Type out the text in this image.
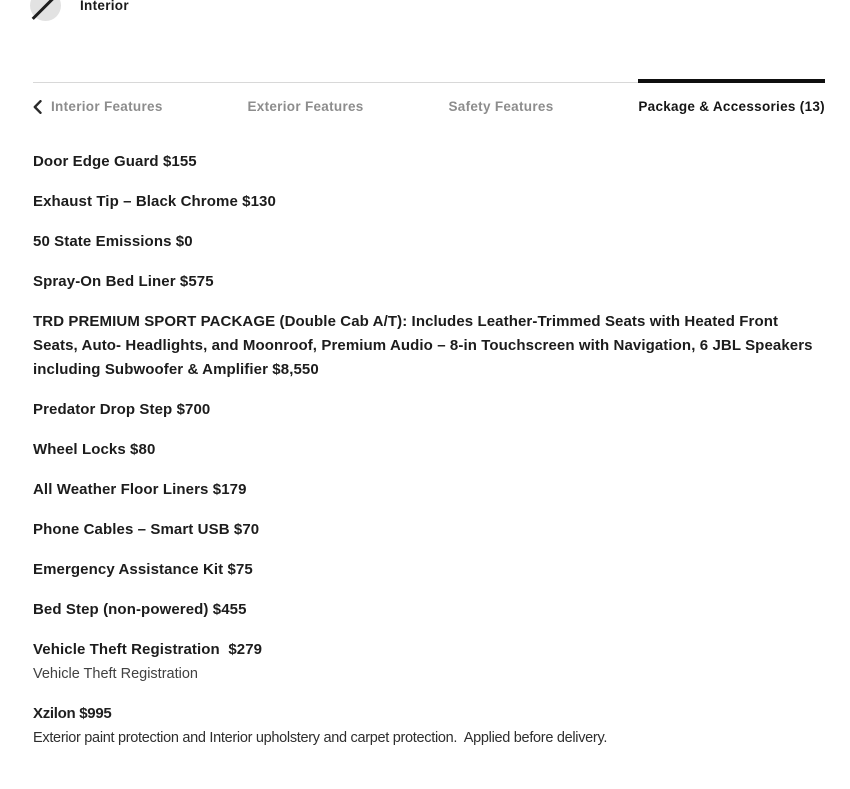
Interior
Interior Features	Exterior Features	Safety Features	Package & Accessories (13)
Door Edge Guard $155
Exhaust Tip – Black Chrome $130
50 State Emissions $0
Spray-On Bed Liner $575
TRD PREMIUM SPORT PACKAGE (Double Cab A/T): Includes Leather-Trimmed Seats with Heated Front Seats, Auto- Headlights, and Moonroof, Premium Audio – 8-in Touchscreen with Navigation, 6 JBL Speakers including Subwoofer & Amplifier $8,550
Predator Drop Step $700
Wheel Locks $80
All Weather Floor Liners $179
Phone Cables – Smart USB $70
Emergency Assistance Kit $75
Bed Step (non-powered) $455
Vehicle Theft Registration  $279
Vehicle Theft Registration
Xzilon $995
Exterior paint protection and Interior upholstery and carpet protection.  Applied before delivery.
